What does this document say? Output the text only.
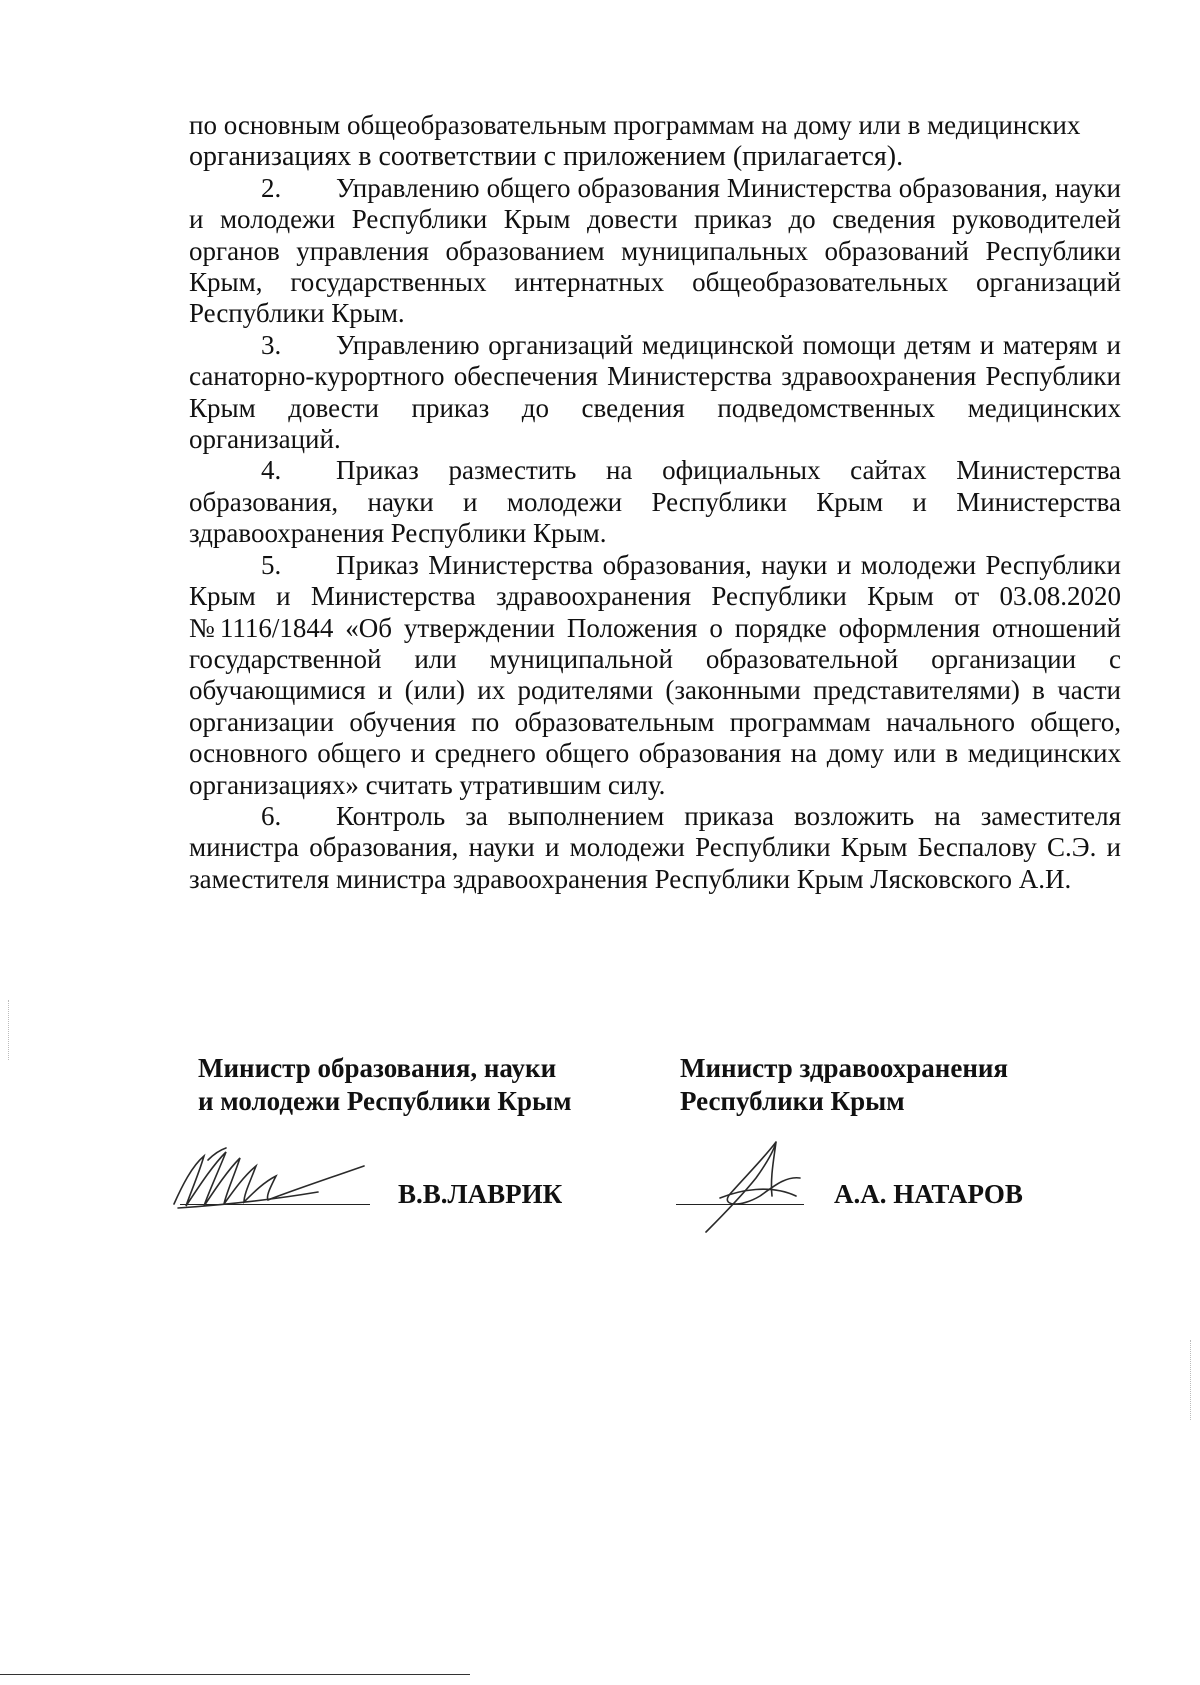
по основным общеобразовательным программам на дому или в медицинских
организациях в соответствии с приложением (прилагается).

2. Управлению общего образования Министерства образования, науки и молодежи Республики Крым довести приказ до сведения руководителей органов управления образованием муниципальных образований Республики Крым, государственных интернатных общеобразовательных организаций Республики Крым.

3. Управлению организаций медицинской помощи детям и матерям и санаторно-курортного обеспечения Министерства здравоохранения Республики Крым довести приказ до сведения подведомственных медицинских организаций.

4. Приказ разместить на официальных сайтах Министерства образования, науки и молодежи Республики Крым и Министерства здравоохранения Республики Крым.

5. Приказ Министерства образования, науки и молодежи Республики Крым и Министерства здравоохранения Республики Крым от 03.08.2020 №1116/1844 «Об утверждении Положения о порядке оформления отношений государственной или муниципальной образовательной организации с обучающимися и (или) их родителями (законными представителями) в части организации обучения по образовательным программам начального общего, основного общего и среднего общего образования на дому или в медицинских организациях» считать утратившим силу.

6. Контроль за выполнением приказа возложить на заместителя министра образования, науки и молодежи Республики Крым Беспалову С.Э. и заместителя министра здравоохранения Республики Крым Лясковского А.И.

Министр образования, науки
и молодежи Республики Крым
Министр здравоохранения
Республики Крым
В.В.ЛАВРИК	А.А. НАТАРОВ
